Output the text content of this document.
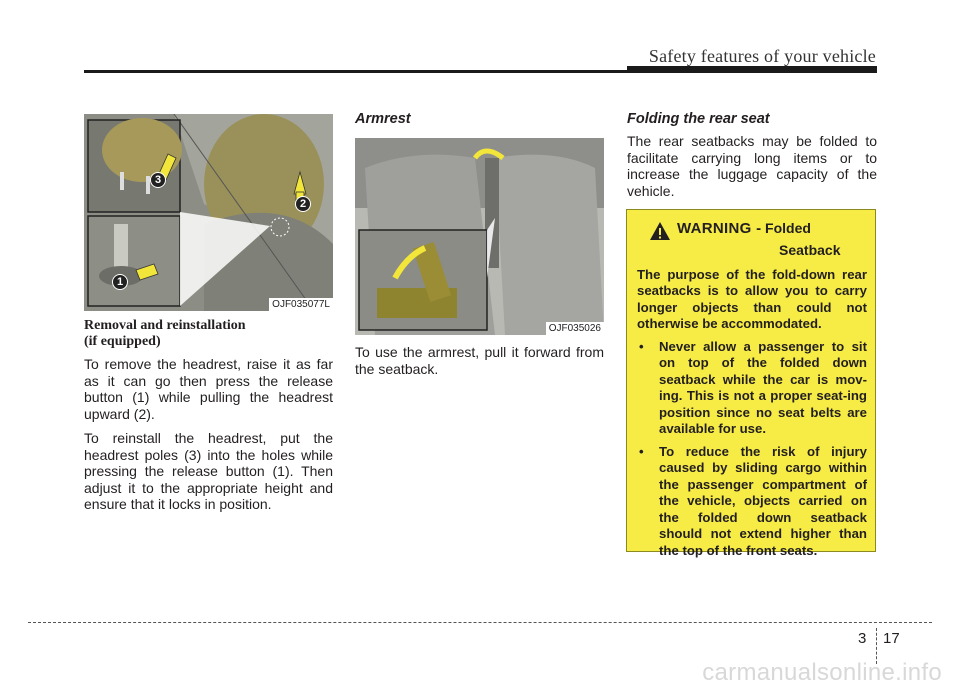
Safety features of your vehicle
3
2
1
OJF035077L
Removal and reinstallation
(if equipped)

To remove the headrest, raise it as far as it can go then press the release button (1) while pulling the headrest upward (2).

To reinstall the headrest, put the headrest poles (3) into the holes while pressing the release button (1). Then adjust it to the appropriate height and ensure that it locks in position.

Armrest
OJF035026
To use the armrest, pull it forward from the seatback.
Folding the rear seat
The rear seatbacks may be folded to facilitate carrying long items or to increase the luggage capacity of the vehicle.
WARNING - Folded
Seatback
The purpose of the fold-down rear seatbacks is to allow you to carry longer objects than could not otherwise be accommodated.
• Never allow a passenger to sit on top of the folded down seatback while the car is mov-ing. This is not a proper seat-ing position since no seat belts are available for use.
• To reduce the risk of injury caused by sliding cargo within the passenger compartment of the vehicle, objects carried on the folded down seatback should not extend higher than the top of the front seats.
3 17
carmanualsonline.info
